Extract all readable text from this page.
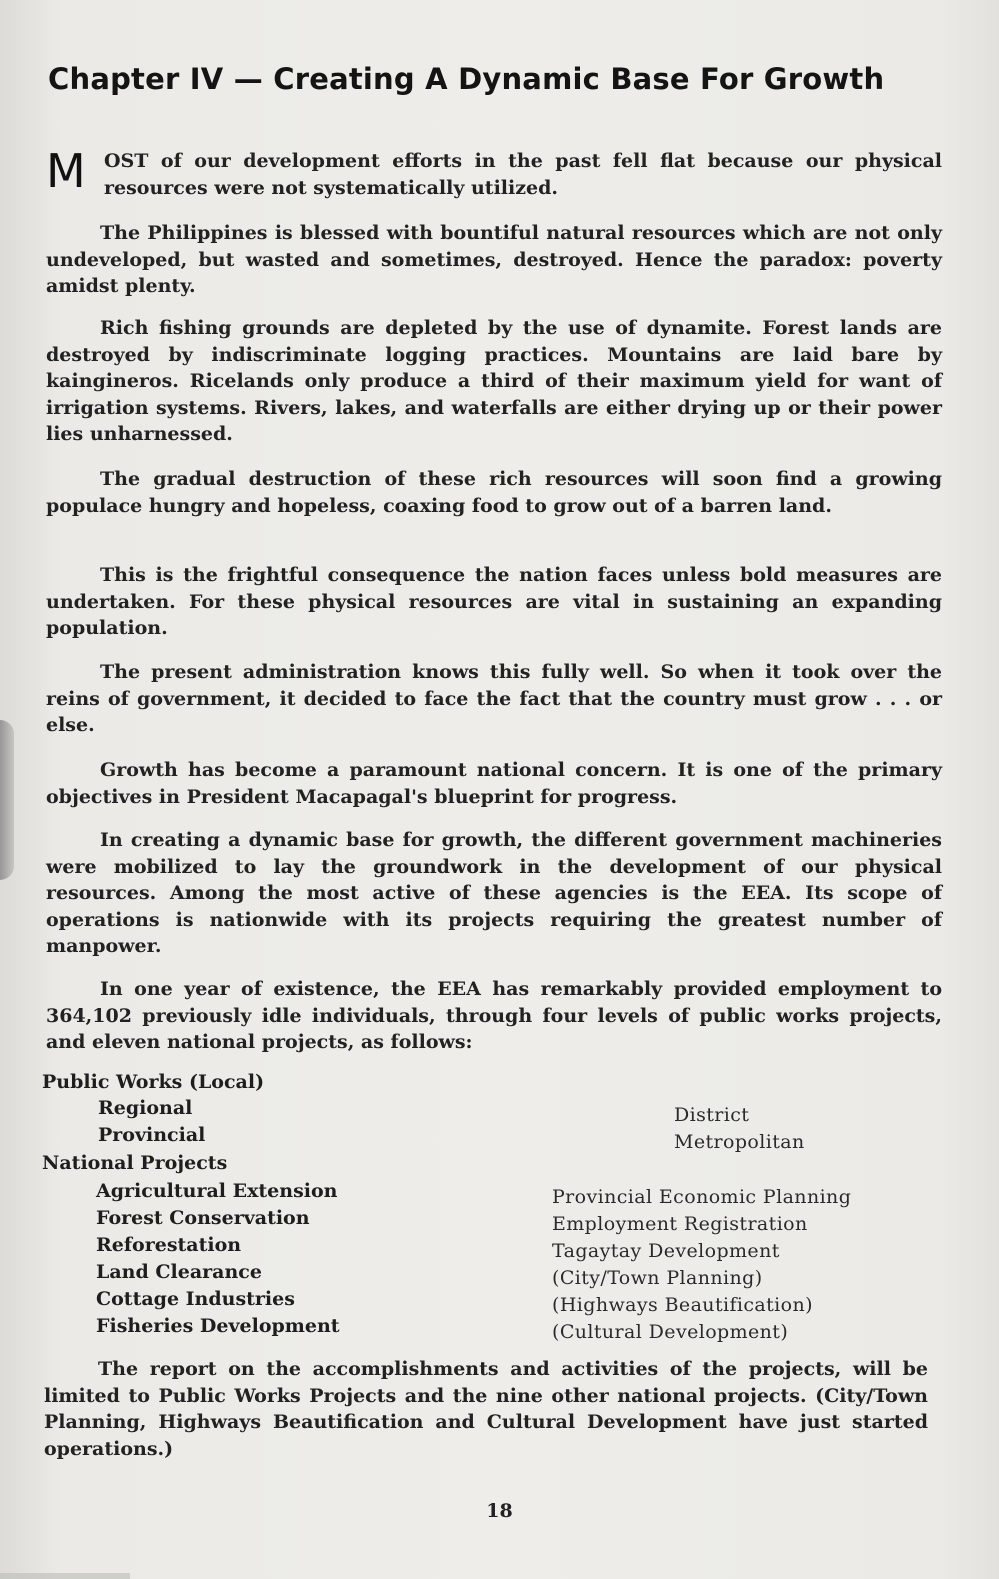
Chapter IV — Creating A Dynamic Base For Growth
M OST of our development efforts in the past fell flat because our physical resources were not systematically utilized.
The Philippines is blessed with bountiful natural resources which are not only undeveloped, but wasted and sometimes, destroyed. Hence the paradox: poverty amidst plenty.
Rich fishing grounds are depleted by the use of dynamite. Forest lands are destroyed by indiscriminate logging practices. Mountains are laid bare by kaingineros. Ricelands only produce a third of their maximum yield for want of irrigation systems. Rivers, lakes, and waterfalls are either drying up or their power lies unharnessed.
The gradual destruction of these rich resources will soon find a growing populace hungry and hopeless, coaxing food to grow out of a barren land.
This is the frightful consequence the nation faces unless bold measures are undertaken. For these physical resources are vital in sustaining an expanding population.
The present administration knows this fully well. So when it took over the reins of government, it decided to face the fact that the country must grow . . . or else.
Growth has become a paramount national concern. It is one of the primary objectives in President Macapagal's blueprint for progress.
In creating a dynamic base for growth, the different government machineries were mobilized to lay the groundwork in the development of our physical resources. Among the most active of these agencies is the EEA. Its scope of operations is nationwide with its projects requiring the greatest number of manpower.
In one year of existence, the EEA has remarkably provided employment to 364,102 previously idle individuals, through four levels of public works projects, and eleven national projects, as follows:
Public Works (Local)
Regional
Provincial
District
Metropolitan
National Projects
Agricultural Extension
Forest Conservation
Reforestation
Land Clearance
Cottage Industries
Fisheries Development
Provincial Economic Planning
Employment Registration
Tagaytay Development
(City/Town Planning)
(Highways Beautification)
(Cultural Development)
The report on the accomplishments and activities of the projects, will be limited to Public Works Projects and the nine other national projects. (City/Town Planning, Highways Beautification and Cultural Development have just started operations.)
18
